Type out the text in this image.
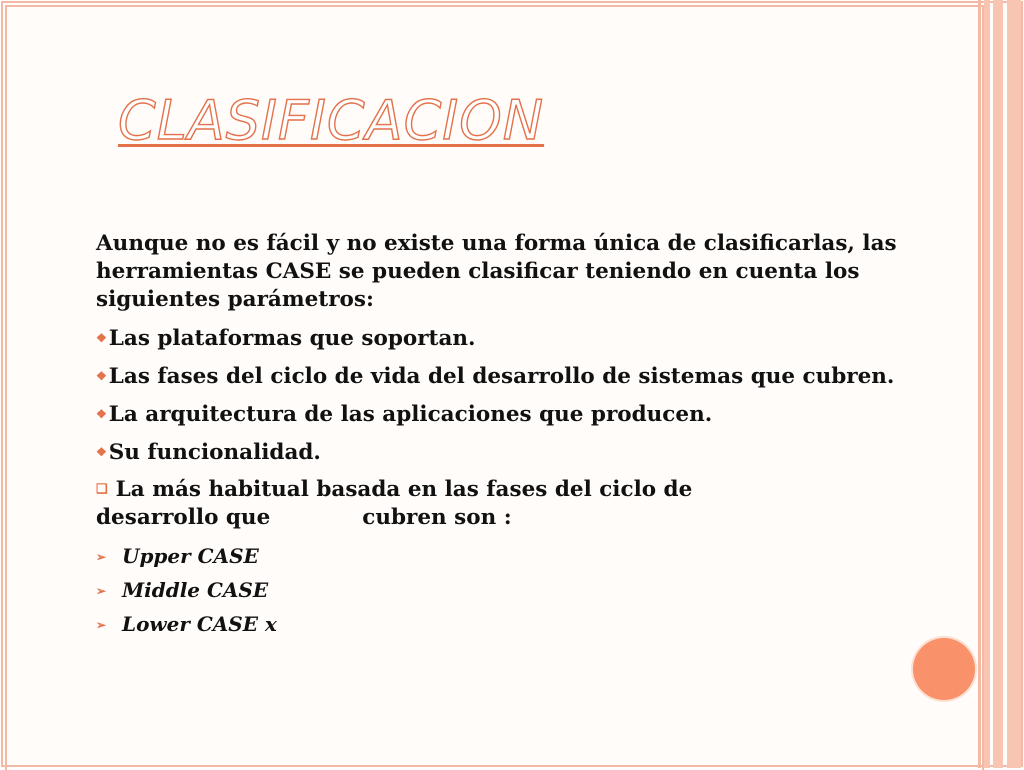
CLASIFICACION
Aunque no es fácil y no existe una forma única de clasificarlas, las herramientas CASE se pueden clasificar teniendo en cuenta los siguientes parámetros:
❖Las plataformas que soportan.
❖Las fases del ciclo de vida del desarrollo de sistemas que cubren.
❖La arquitectura de las aplicaciones que producen.
❖Su funcionalidad.
❑ La más habitual basada en las fases del ciclo de
desarrollo que	cubren son :
➢ Upper CASE
➢ Middle CASE
➢ Lower CASE x
